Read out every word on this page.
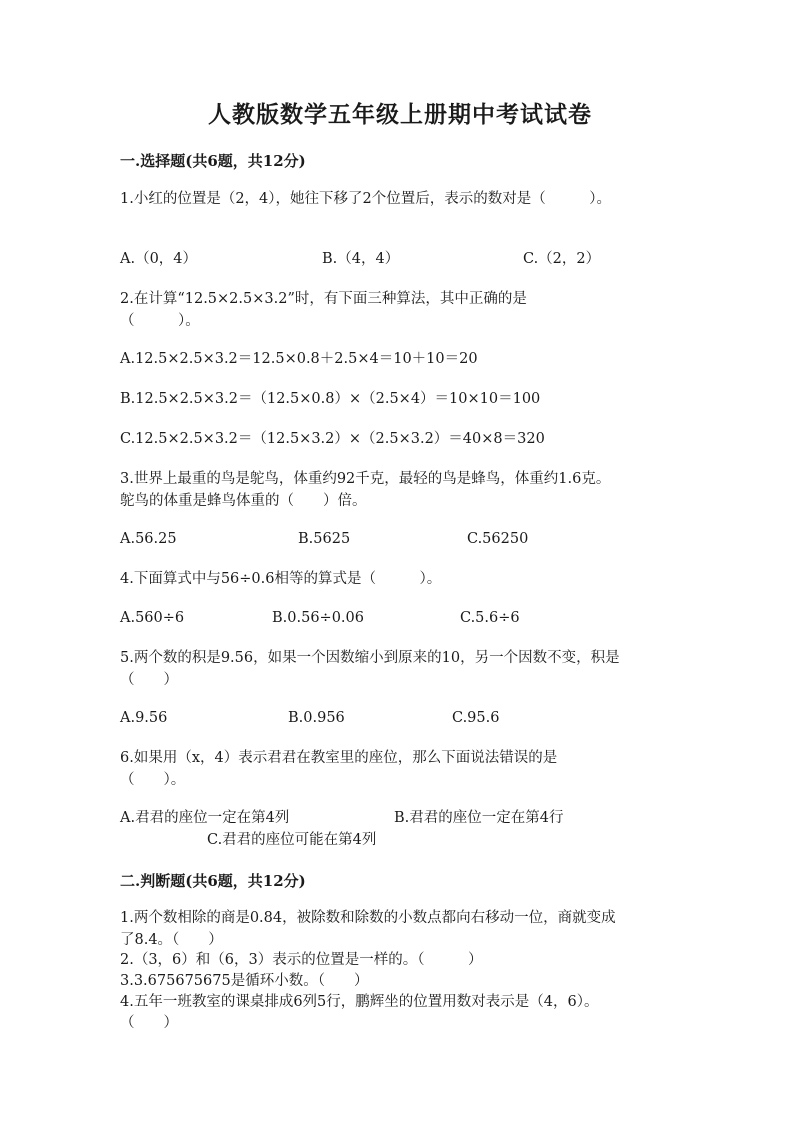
人教版数学五年级上册期中考试试卷
一.选择题(共6题，共12分)
1.小红的位置是（2，4），她往下移了2个位置后，表示的数对是（　　　）。
A.（0，4）	B.（4，4）	C.（2，2）
2.在计算“12.5×2.5×3.2”时，有下面三种算法，其中正确的是
（　　　）。
A.12.5×2.5×3.2＝12.5×0.8＋2.5×4＝10＋10＝20
B.12.5×2.5×3.2＝（12.5×0.8）×（2.5×4）＝10×10＝100
C.12.5×2.5×3.2＝（12.5×3.2）×（2.5×3.2）＝40×8＝320
3.世界上最重的鸟是鸵鸟，体重约92千克，最轻的鸟是蜂鸟，体重约1.6克。
鸵鸟的体重是蜂鸟体重的（　　）倍。
A.56.25	B.5625	C.56250
4.下面算式中与56÷0.6相等的算式是（　　　）。
A.560÷6	B.0.56÷0.06	C.5.6÷6
5.两个数的积是9.56，如果一个因数缩小到原来的10，另一个因数不变，积是
（　　）
A.9.56	B.0.956	C.95.6
6.如果用（x，4）表示君君在教室里的座位，那么下面说法错误的是
（　　）。
A.君君的座位一定在第4列	B.君君的座位一定在第4行
C.君君的座位可能在第4列
二.判断题(共6题，共12分)
1.两个数相除的商是0.84，被除数和除数的小数点都向右移动一位，商就变成
了8.4。（　　）
2.（3，6）和（6，3）表示的位置是一样的。（　　　）
3.3.675675675是循环小数。（　　）
4.五年一班教室的课桌排成6列5行，鹏辉坐的位置用数对表示是（4，6）。
（　　）
